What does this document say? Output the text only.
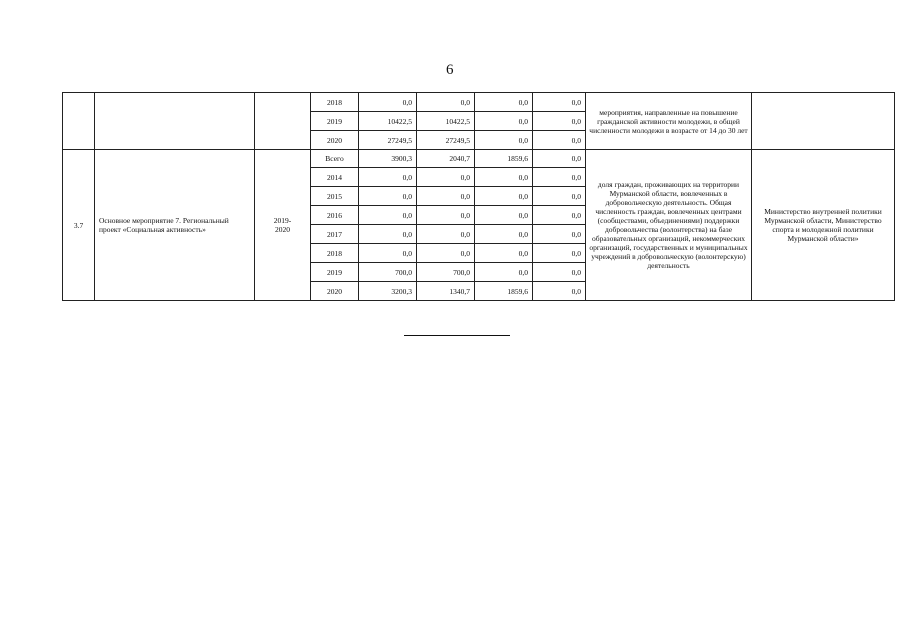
6
			2018	0,0	0,0	0,0	0,0	мероприятия, направленные на повышение гражданской активности молодежи, в общей численности молодежи в возрасте от 14 до 30 лет	
			2019	10422,5	10422,5	0,0	0,0		
			2020	27249,5	27249,5	0,0	0,0		
3.7	Основное мероприятие 7. Региональный проект «Социальная активность»	2019-2020	Всего	3900,3	2040,7	1859,6	0,0	доля граждан, проживающих на территории Мурманской области, вовлеченных в добровольческую деятельность. Общая численность граждан, вовлеченных центрами (сообществами, объединениями) поддержки добровольчества (волонтерства) на базе образовательных организаций, некоммерческих организаций, государственных и муниципальных учреждений в добровольческую (волонтерскую) деятельность	Министерство внутренней политики Мурманской области, Министерство спорта и молодежной политики Мурманской области»
			2014	0,0	0,0	0,0	0,0		
			2015	0,0	0,0	0,0	0,0		
			2016	0,0	0,0	0,0	0,0		
			2017	0,0	0,0	0,0	0,0		
			2018	0,0	0,0	0,0	0,0		
			2019	700,0	700,0	0,0	0,0		
			2020	3200,3	1340,7	1859,6	0,0		
